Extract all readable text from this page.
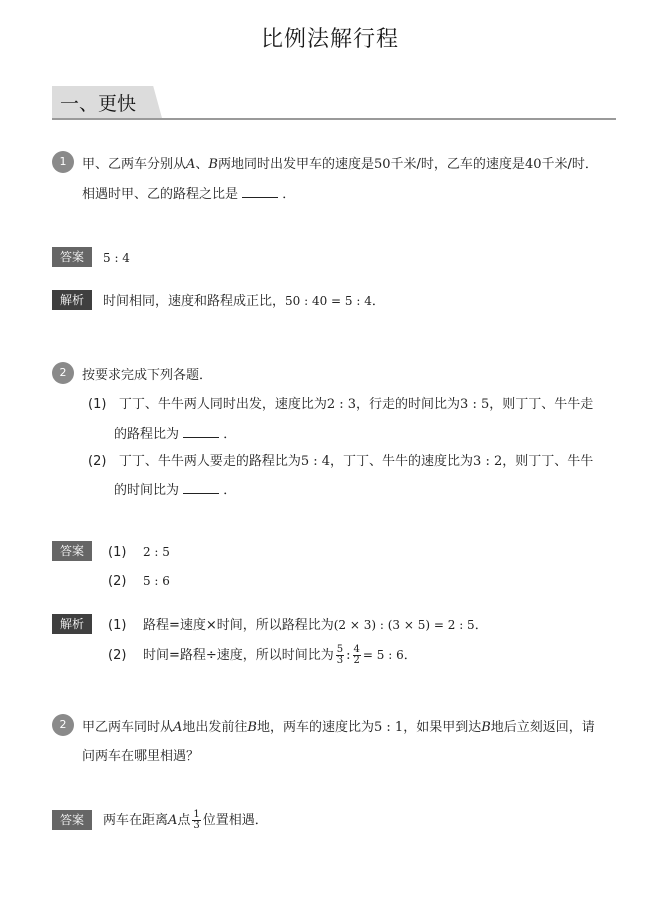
比例法解行程
一、更快
1	甲、乙两车分别从A、B两地同时出发甲车的速度是50千米/时，乙车的速度是40千米/时．
相遇时甲、乙的路程之比是	．
答案	5 : 4
解析	时间相同，速度和路程成正比，50 : 40 = 5 : 4．
2	按要求完成下列各题．
(1) 丁丁、牛牛两人同时出发，速度比为2 : 3，行走的时间比为3 : 5，则丁丁、牛牛走
的路程比为	．
(2) 丁丁、牛牛两人要走的路程比为5 : 4，丁丁、牛牛的速度比为3 : 2，则丁丁、牛牛
的时间比为	．
答案	(1) 2 : 5
(2) 5 : 6
解析	(1) 路程=速度×时间，所以路程比为(2 × 3) : (3 × 5) = 2 : 5．
(2) 时间=路程÷速度，所以时间比为 $\frac{5}{3}$ : $\frac{4}{2} = 5$ : 6．
2	甲乙两车同时从A地出发前往B地，两车的速度比为5 : 1，如果甲到达B地后立刻返回，请
问两车在哪里相遇？
答案	两车在距离A点 $\frac{1}{3}$ 位置相遇．
